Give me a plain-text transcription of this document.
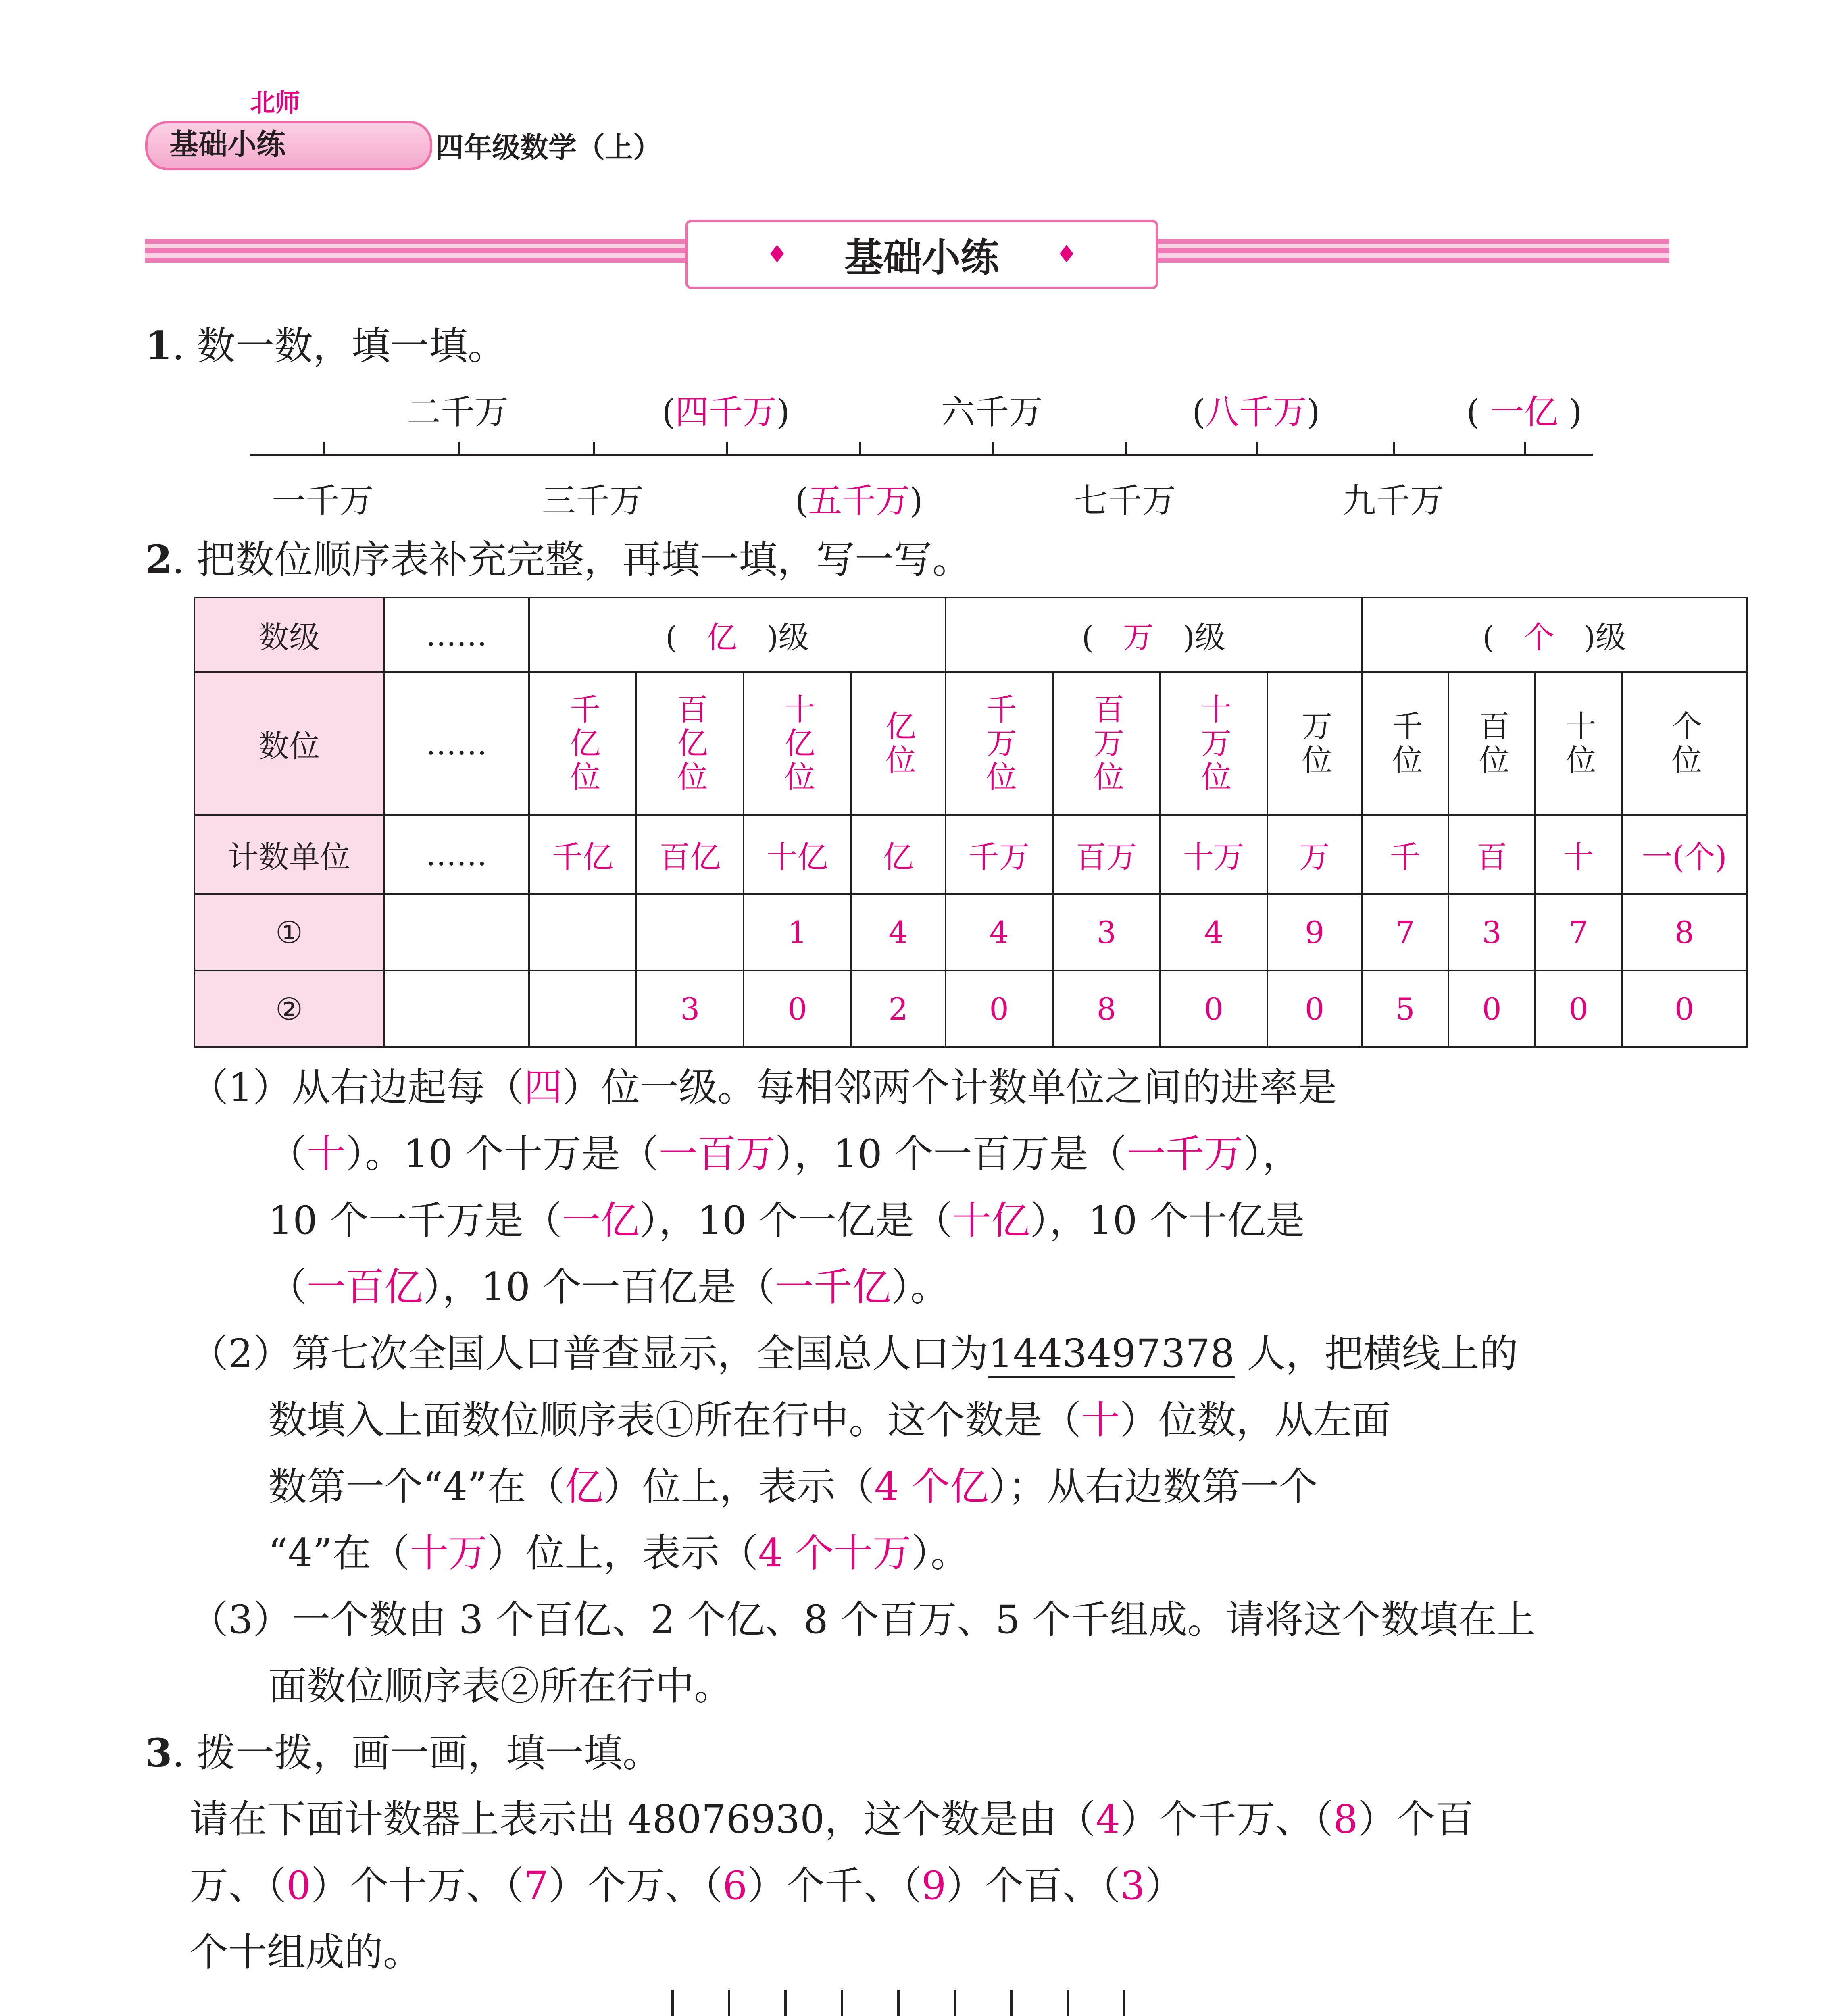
北师
基础小练	四年级数学（上）
♦ 基础小练 ♦
1. 数一数，填一填。
二千万	(四千万)	六千万	(八千万)	( 一亿 )
一千万	三千万	(五千万)	七千万	九千万
2. 把数位顺序表补充完整，再填一填，写一写。
数级	……	( 亿 )级				( 万 )级				( 个 )级			
数位	……	千亿位	百亿位	十亿位	亿位	千万位	百万位	十万位	万位	千位	百位	十位	个位
计数单位	……	千亿	百亿	十亿	亿	千万	百万	十万	万	千	百	十	一(个)
①				1	4	4	3	4	9	7	3	7	8
②			3	0	2	0	8	0	0	5	0	0	0
（1）从右边起每（四）位一级。每相邻两个计数单位之间的进率是
（十）。10 个十万是（一百万），10 个一百万是（一千万），
10 个一千万是（一亿），10 个一亿是（十亿），10 个十亿是
（一百亿），10 个一百亿是（一千亿）。
（2）第七次全国人口普查显示，全国总人口为1443497378 人，把横线上的
数填入上面数位顺序表①所在行中。这个数是（十）位数，从左面
数第一个“4”在（亿）位上，表示（4 个亿）；从右边数第一个
“4”在（十万）位上，表示（4 个十万）。
（3）一个数由 3 个百亿、2 个亿、8 个百万、5 个千组成。请将这个数填在上
面数位顺序表②所在行中。
3. 拨一拨，画一画，填一填。
请在下面计数器上表示出 48076930，这个数是由（4）个千万、（8）个百
万、（0）个十万、（7）个万、（6）个千、（9）个百、（3）
个十组成的。
